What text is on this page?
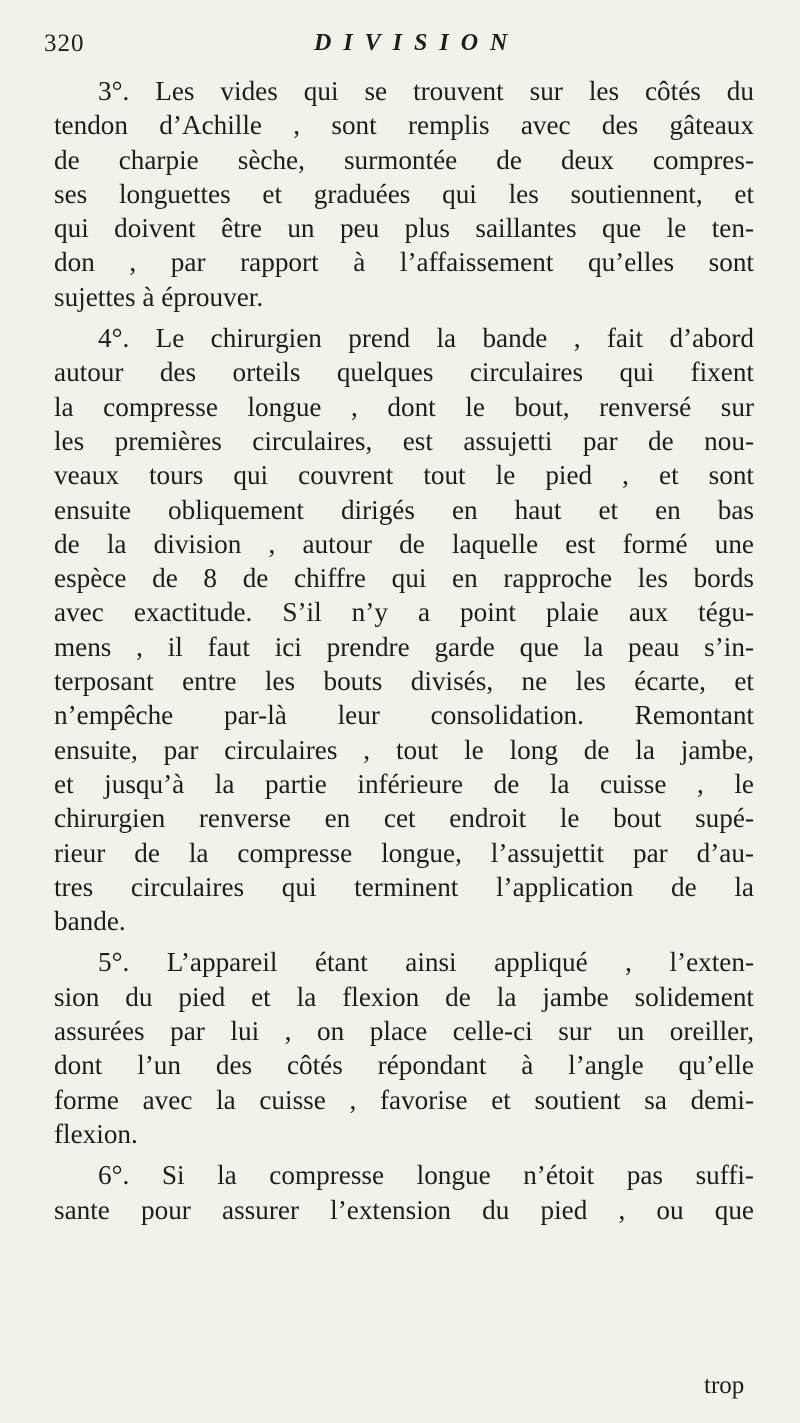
320	DIVISION
3°. Les vides qui se trouvent sur les côtés du
tendon d’Achille , sont remplis avec des gâteaux
de charpie sèche, surmontée de deux compres-
ses longuettes et graduées qui les soutiennent, et
qui doivent être un peu plus saillantes que le ten-
don , par rapport à l’affaissement qu’elles sont
sujettes à éprouver.
4°. Le chirurgien prend la bande , fait d’abord
autour des orteils quelques circulaires qui fixent
la compresse longue , dont le bout, renversé sur
les premières circulaires, est assujetti par de nou-
veaux tours qui couvrent tout le pied , et sont
ensuite obliquement dirigés en haut et en bas
de la division , autour de laquelle est formé une
espèce de 8 de chiffre qui en rapproche les bords
avec exactitude. S’il n’y a point plaie aux tégu-
mens , il faut ici prendre garde que la peau s’in-
terposant entre les bouts divisés, ne les écarte, et
n’empêche par-là leur consolidation. Remontant
ensuite, par circulaires , tout le long de la jambe,
et jusqu’à la partie inférieure de la cuisse , le
chirurgien renverse en cet endroit le bout supé-
rieur de la compresse longue, l’assujettit par d’au-
tres circulaires qui terminent l’application de la
bande.
5°. L’appareil étant ainsi appliqué , l’exten-
sion du pied et la flexion de la jambe solidement
assurées par lui , on place celle-ci sur un oreiller,
dont l’un des côtés répondant à l’angle qu’elle
forme avec la cuisse , favorise et soutient sa demi-
flexion.
6°. Si la compresse longue n’étoit pas suffi-
sante pour assurer l’extension du pied , ou que
trop
